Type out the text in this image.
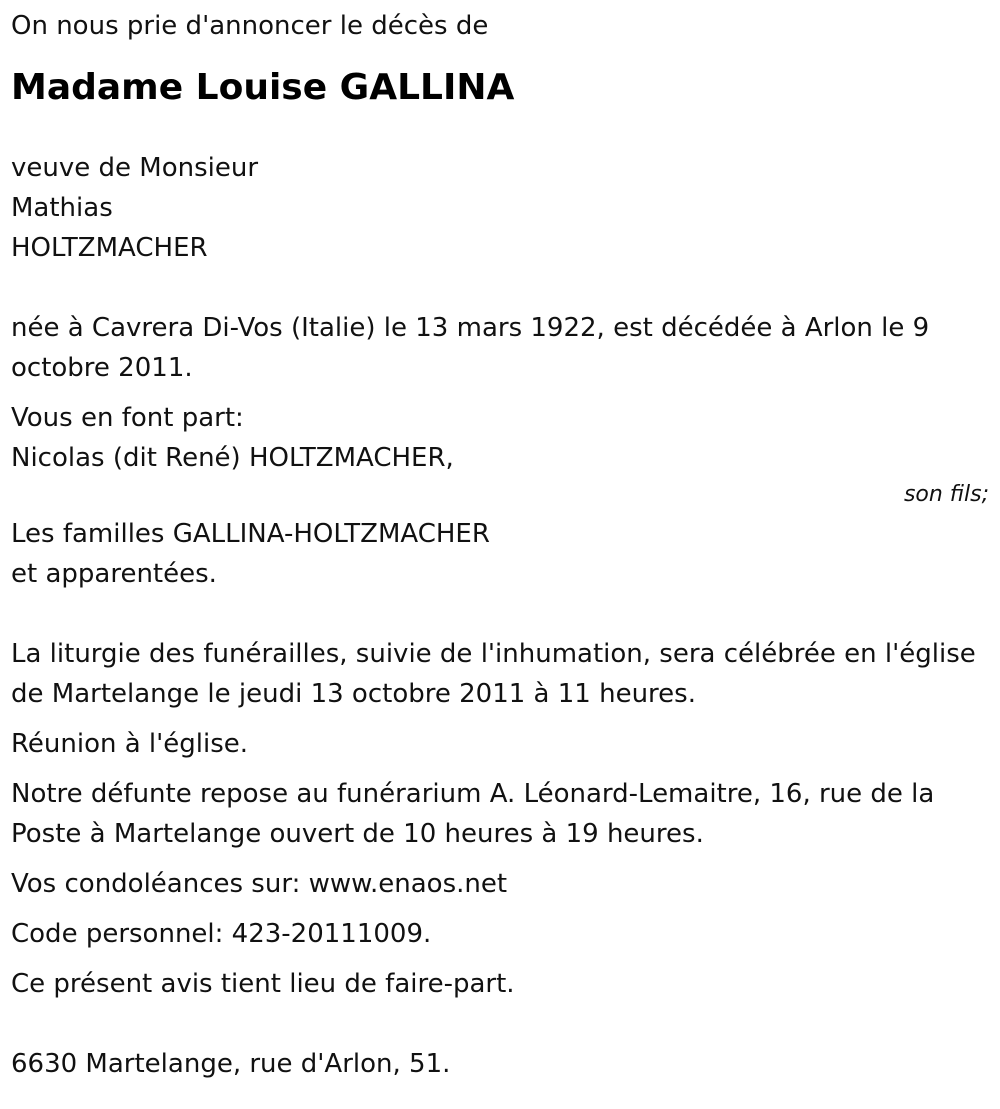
On nous prie d'annoncer le décès de

Madame Louise GALLINA

veuve de Monsieur
Mathias
HOLTZMACHER

née à Cavrera Di-Vos (Italie) le 13 mars 1922, est décédée à Arlon le 9 octobre 2011.

Vous en font part:

Nicolas (dit René) HOLTZMACHER,

son fils;

Les familles GALLINA-HOLTZMACHER
et apparentées.

La liturgie des funérailles, suivie de l'inhumation, sera célébrée en l'église de Martelange le jeudi 13 octobre 2011 à 11 heures.

Réunion à l'église.

Notre défunte repose au funérarium A. Léonard-Lemaitre, 16, rue de la Poste à Martelange ouvert de 10 heures à 19 heures.

Vos condoléances sur: www.enaos.net

Code personnel: 423-20111009.

Ce présent avis tient lieu de faire-part.

6630 Martelange, rue d'Arlon, 51.
